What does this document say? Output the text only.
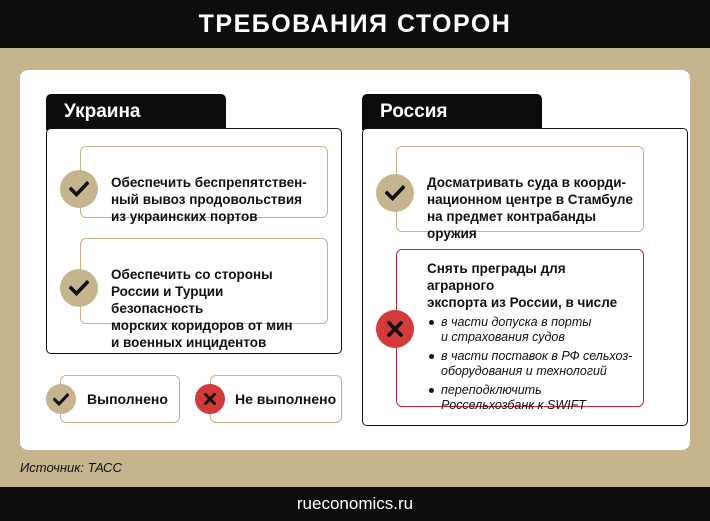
ТРЕБОВАНИЯ СТОРОН
Украина

Обеспечить беспрепятствен-
ный вывоз продовольствия
из украинских портов

Обеспечить со стороны
России и Турции безопасность
морских коридоров от мин
и военных инцидентов

Россия

Досматривать суда в коорди-
национном центре в Стамбуле
на предмет контрабанды
оружия

Снять преграды для аграрного
экспорта из России, в числе
в части допуска в порты
и страхования судов
в части поставок в РФ сельхоз-
оборудования и технологий
переподключить
Россельхозбанк к SWIFT
Выполнено	Не выполнено
Источник: ТАСС
rueconomics.ru
